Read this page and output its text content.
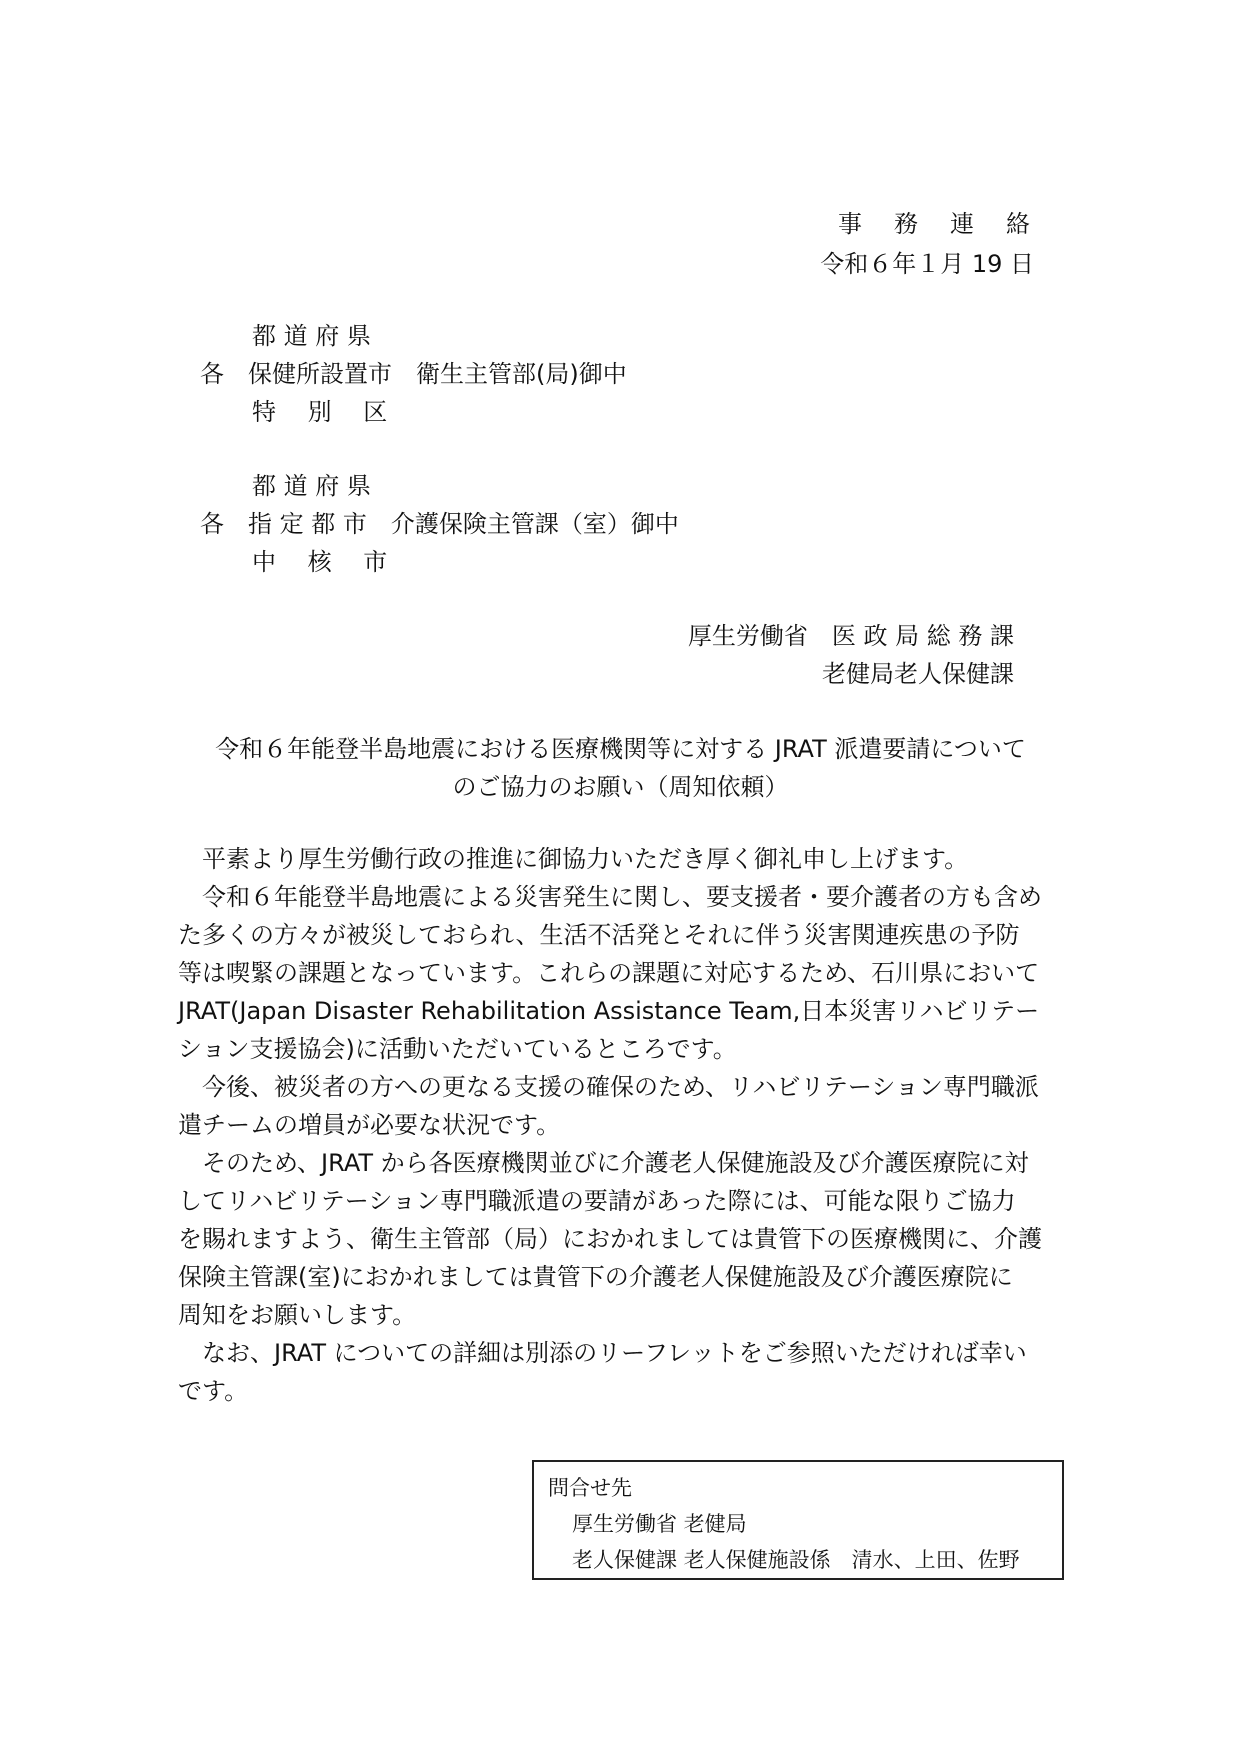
事　務　連　絡
令和６年１月 19 日
都 道 府 県
各　保健所設置市　衛生主管部(局)御中
特　 別 　区
都 道 府 県
各　指 定 都 市　介護保険主管課（室）御中
中　 核 　市
厚生労働省　医 政 局 総 務 課
老健局老人保健課
令和６年能登半島地震における医療機関等に対する JRAT 派遣要請について
のご協力のお願い（周知依頼）

　平素より厚生労働行政の推進に御協力いただき厚く御礼申し上げます。

　令和６年能登半島地震による災害発生に関し、要支援者・要介護者の方も含め

た多くの方々が被災しておられ、生活不活発とそれに伴う災害関連疾患の予防

等は喫緊の課題となっています。これらの課題に対応するため、石川県において

JRAT(Japan Disaster Rehabilitation Assistance Team,日本災害リハビリテー

ション支援協会)に活動いただいているところです。

　今後、被災者の方への更なる支援の確保のため、リハビリテーション専門職派

遣チームの増員が必要な状況です。

　そのため、JRAT から各医療機関並びに介護老人保健施設及び介護医療院に対

してリハビリテーション専門職派遣の要請があった際には、可能な限りご協力

を賜れますよう、衛生主管部（局）におかれましては貴管下の医療機関に、介護

保険主管課(室)におかれましては貴管下の介護老人保健施設及び介護医療院に

周知をお願いします。

　なお、JRAT についての詳細は別添のリーフレットをご参照いただければ幸い

です。

問合せ先
厚生労働省 老健局
老人保健課 老人保健施設係　清水、上田、佐野
